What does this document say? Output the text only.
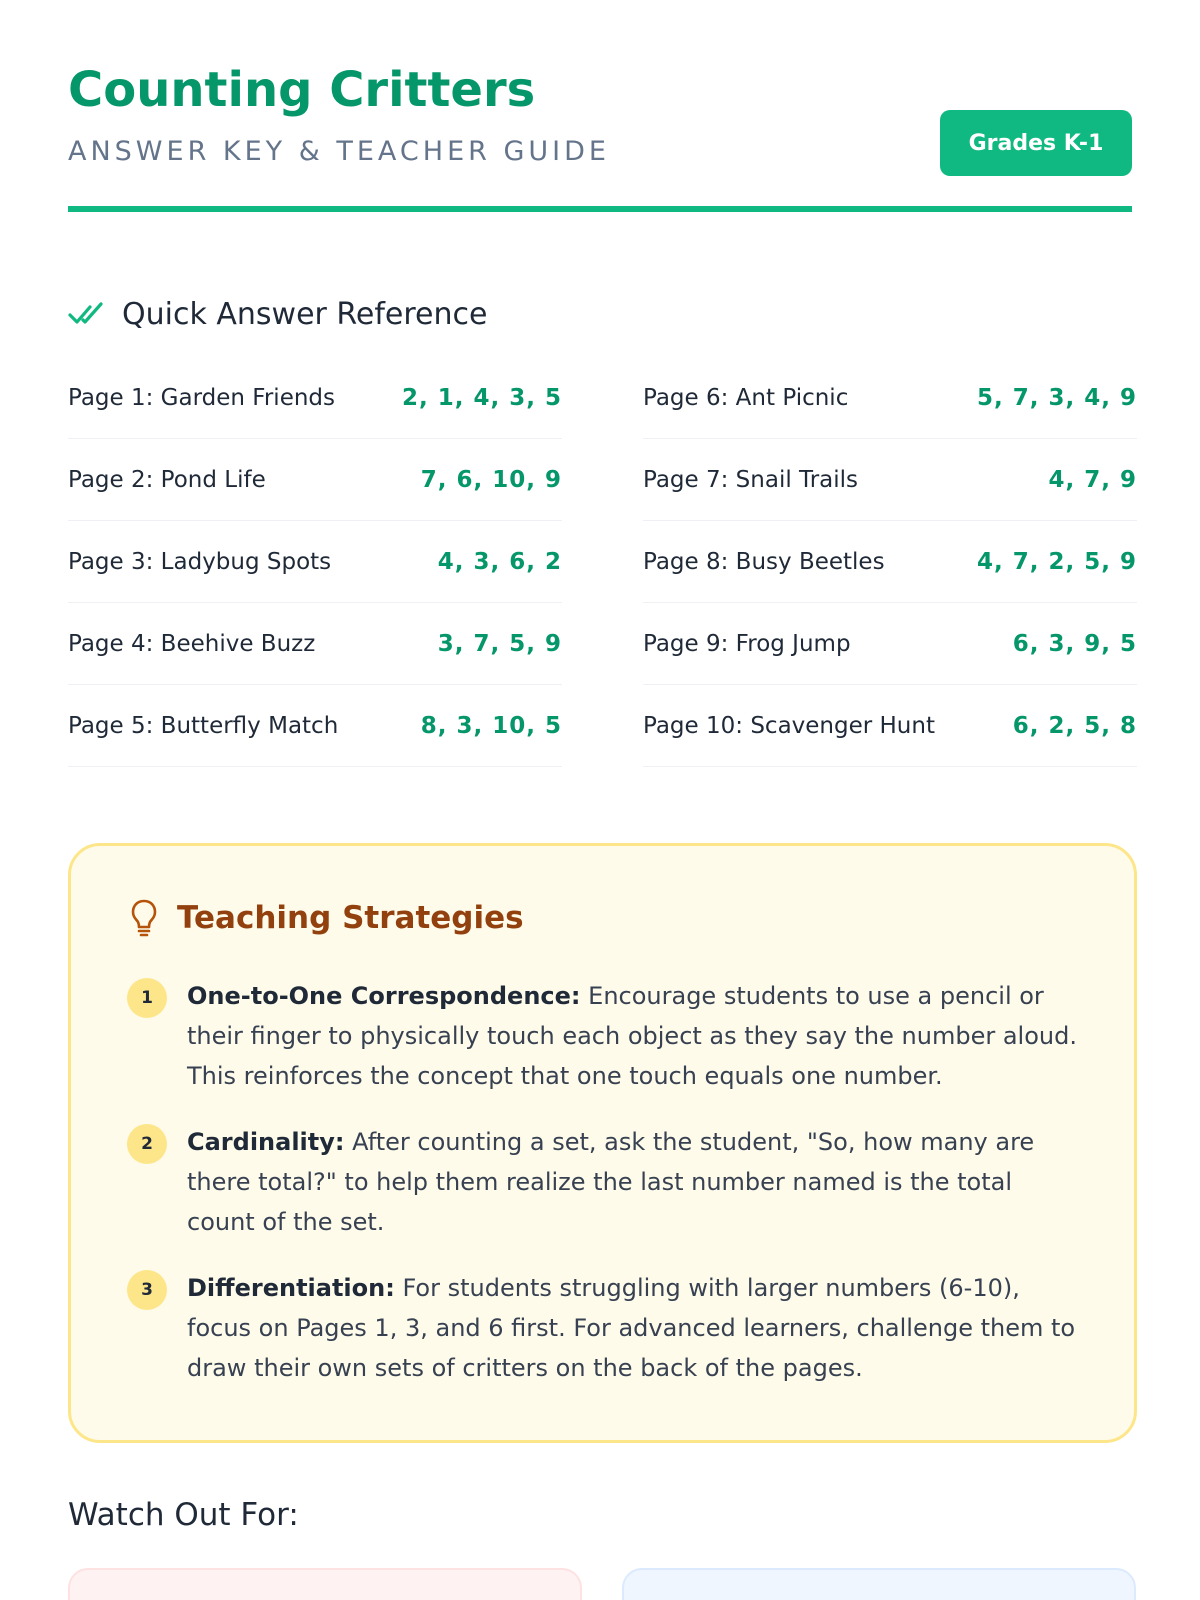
Counting Critters
ANSWER KEY & TEACHER GUIDE	Grades K-1
Quick Answer Reference
Page 1: Garden Friends	2, 1, 4, 3, 5
Page 2: Pond Life	7, 6, 10, 9
Page 3: Ladybug Spots	4, 3, 6, 2
Page 4: Beehive Buzz	3, 7, 5, 9
Page 5: Butterfly Match	8, 3, 10, 5
Page 6: Ant Picnic	5, 7, 3, 4, 9
Page 7: Snail Trails	4, 7, 9
Page 8: Busy Beetles	4, 7, 2, 5, 9
Page 9: Frog Jump	6, 3, 9, 5
Page 10: Scavenger Hunt	6, 2, 5, 8
Teaching Strategies
1	One-to-One Correspondence: Encourage students to use a pencil or their finger to physically touch each object as they say the number aloud. This reinforces the concept that one touch equals one number.
2	Cardinality: After counting a set, ask the student, "So, how many are there total?" to help them realize the last number named is the total count of the set.
3	Differentiation: For students struggling with larger numbers (6-10), focus on Pages 1, 3, and 6 first. For advanced learners, challenge them to draw their own sets of critters on the back of the pages.
Watch Out For:
